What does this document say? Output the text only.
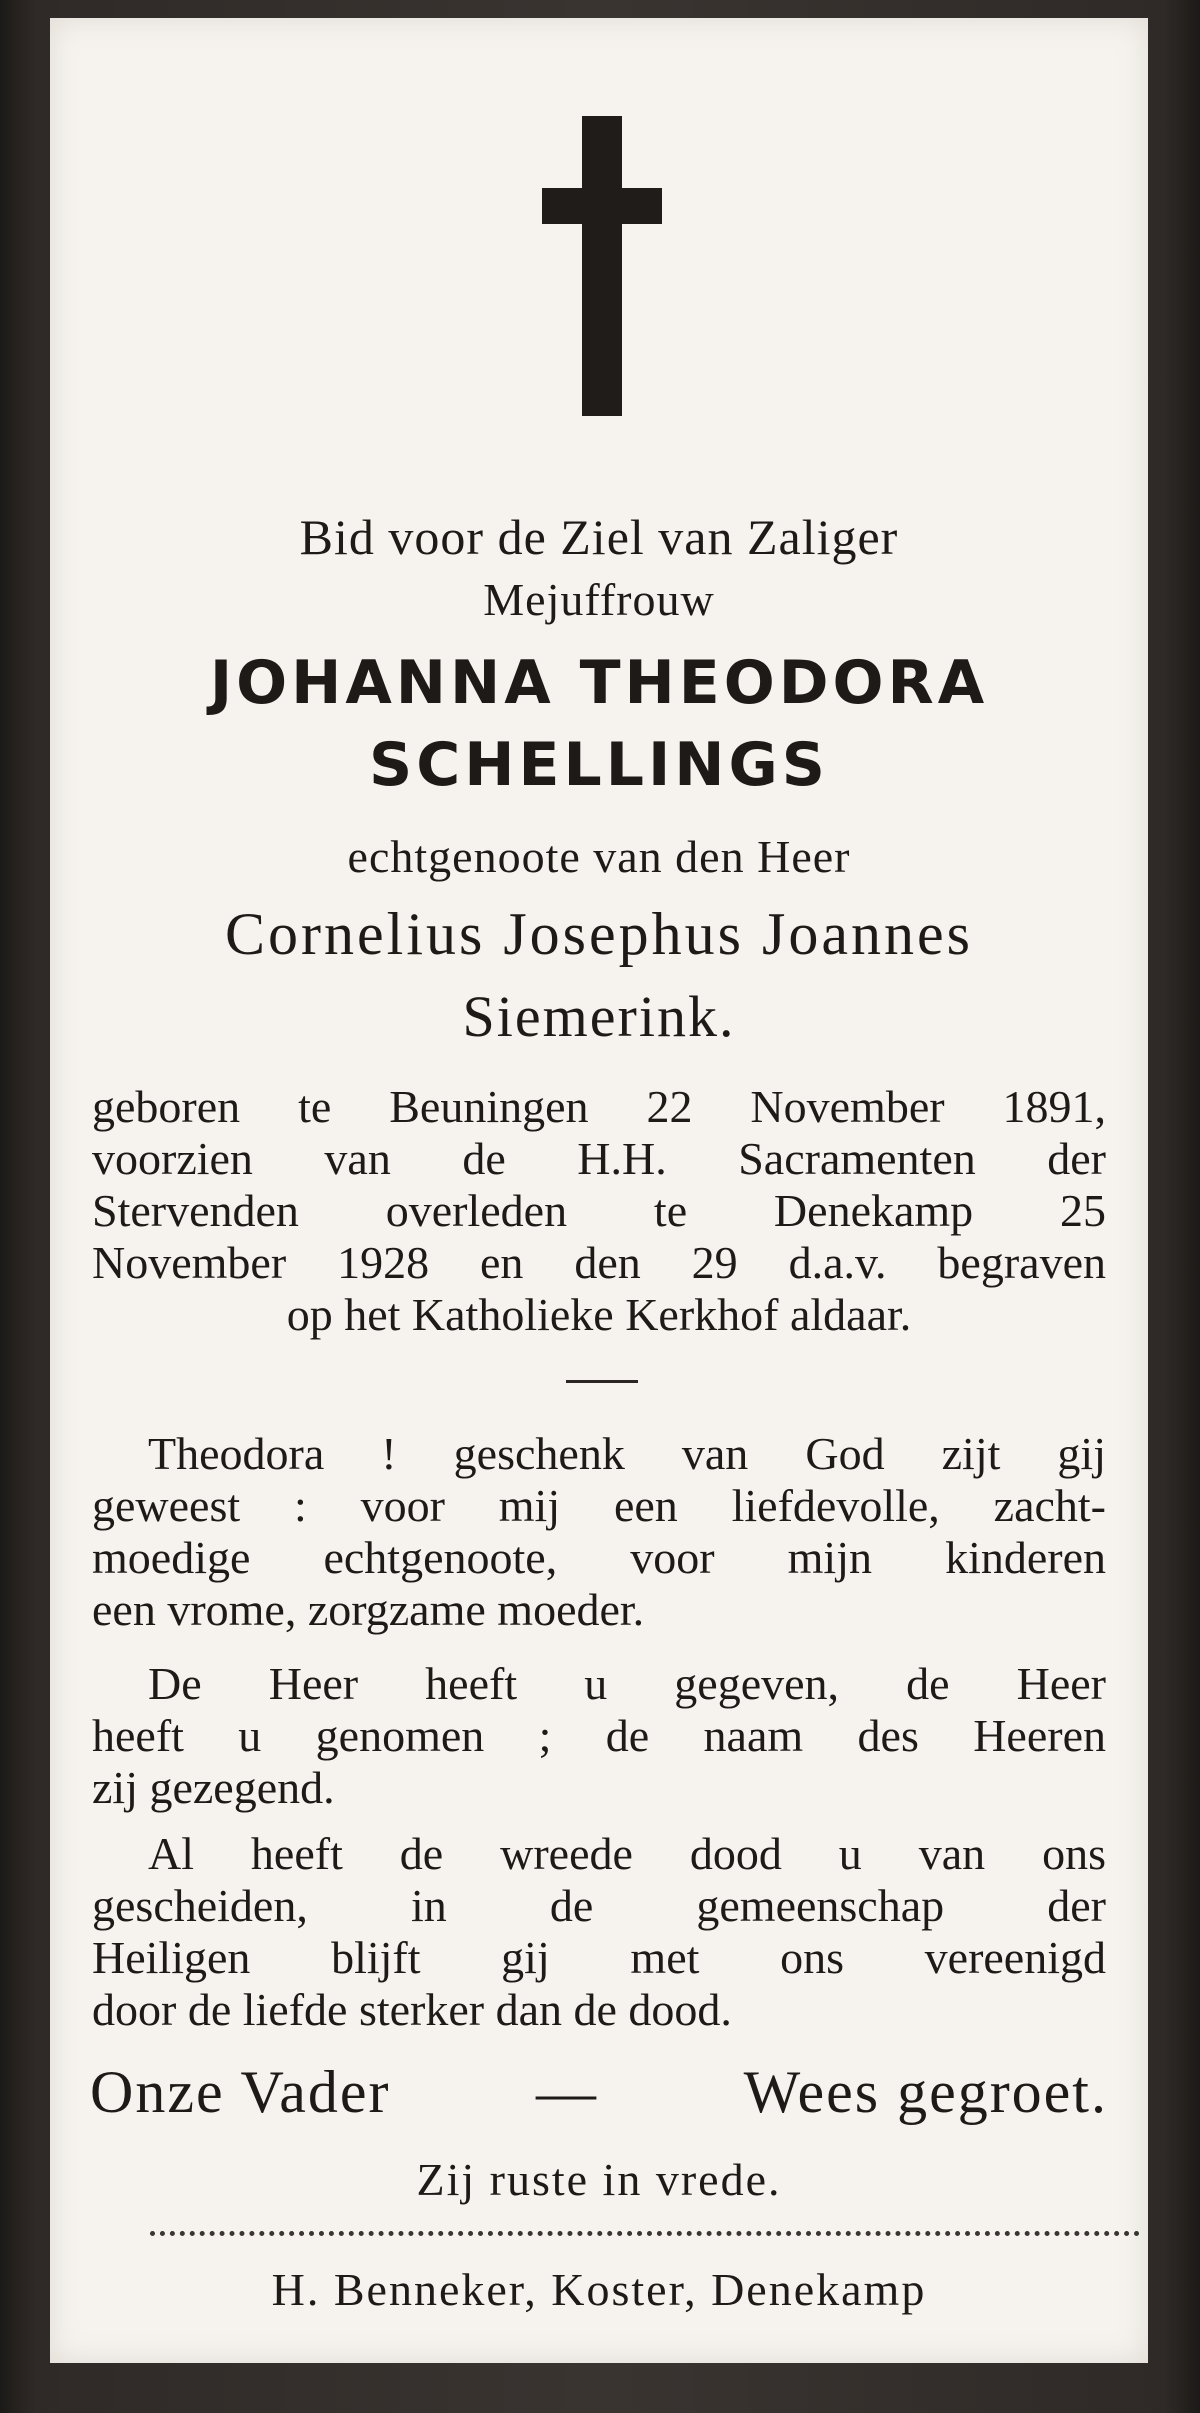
Bid voor de Ziel van Zaliger
Mejuffrouw
JOHANNA THEODORA
SCHELLINGS
echtgenoote van den Heer
Cornelius Josephus Joannes
Siemerink.
geboren te Beuningen 22 November 1891,
voorzien van de H.H. Sacramenten der
Stervenden overleden te Denekamp 25
November 1928 en den 29 d.a.v. begraven
op het Katholieke Kerkhof aldaar.
Theodora ! geschenk van God zijt gij
geweest : voor mij een liefdevolle, zacht-
moedige echtgenoote, voor mijn kinderen
een vrome, zorgzame moeder.
De Heer heeft u gegeven, de Heer
heeft u genomen ; de naam des Heeren
zij gezegend.
Al heeft de wreede dood u van ons
gescheiden, in de gemeenschap der
Heiligen blijft gij met ons vereenigd
door de liefde sterker dan de dood.
Onze Vader — Wees gegroet.
Zij ruste in vrede.
H. Benneker, Koster, Denekamp
